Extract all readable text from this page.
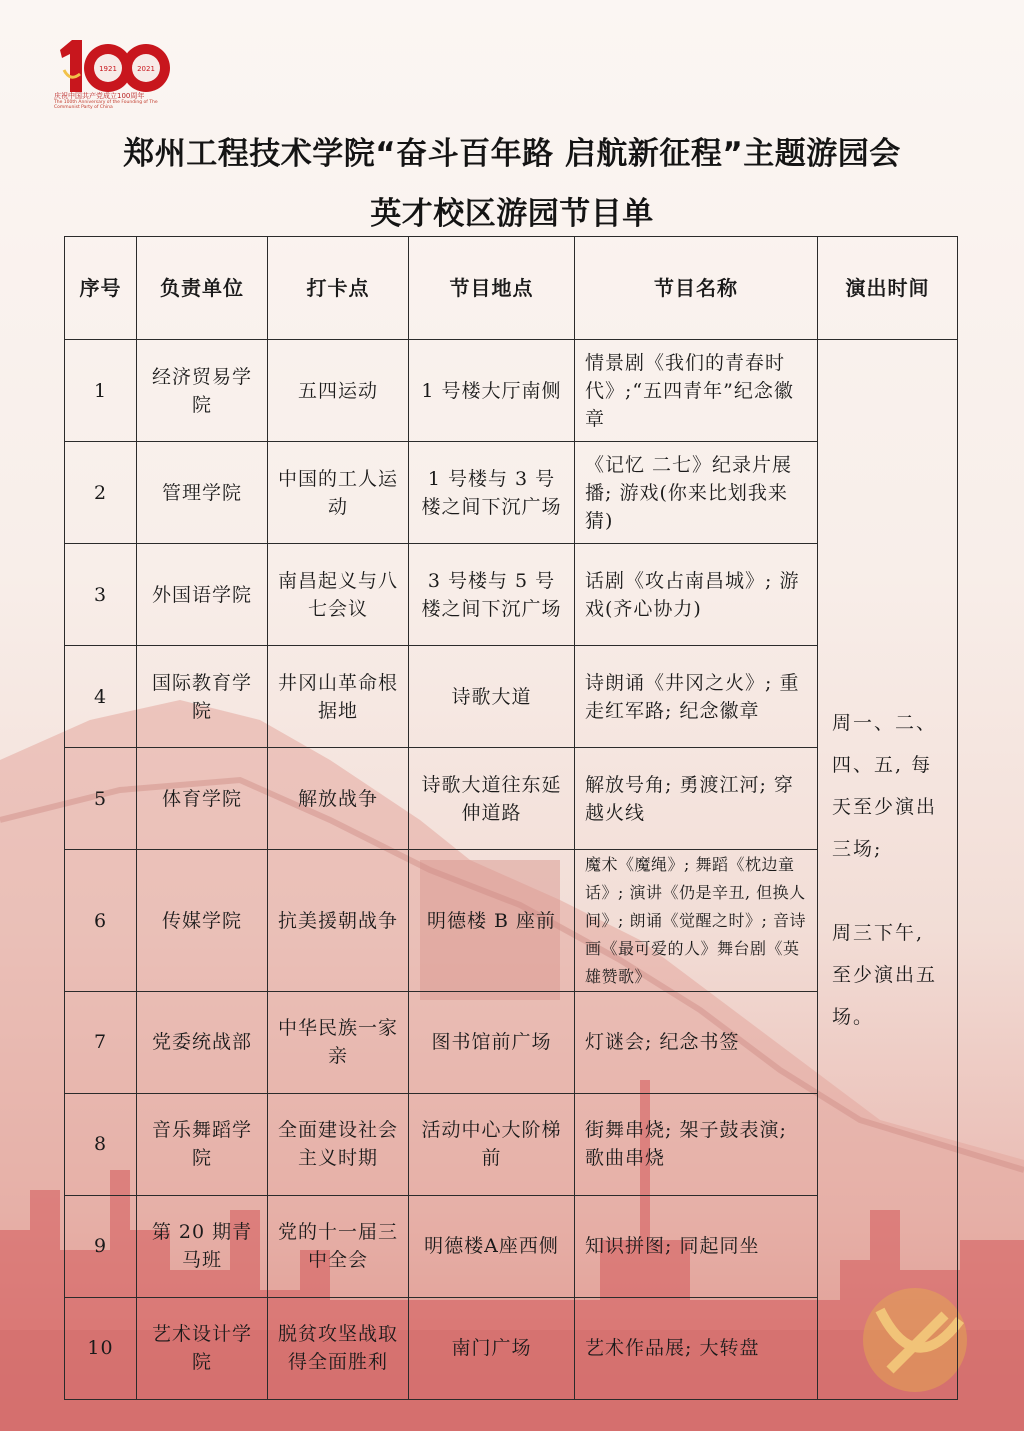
1921	2021
庆祝中国共产党成立100周年
The 100th Anniversary of the Founding of The Communist Party of China
郑州工程技术学院“奋斗百年路 启航新征程”主题游园会
英才校区游园节目单
序号	负责单位	打卡点	节目地点	节目名称	演出时间
1	经济贸易学院	五四运动	1 号楼大厅南侧	情景剧《我们的青春时代》;“五四青年”纪念徽章	周一、二、四、五, 每天至少演出三场;
周三下午, 至少演出五场。

2	管理学院	中国的工人运动	1 号楼与 3 号楼之间下沉广场	《记忆 二七》纪录片展播; 游戏(你来比划我来猜)	
3	外国语学院	南昌起义与八七会议	3 号楼与 5 号楼之间下沉广场	话剧《攻占南昌城》; 游戏(齐心协力)	
4	国际教育学院	井冈山革命根据地	诗歌大道	诗朗诵《井冈之火》; 重走红军路; 纪念徽章	
5	体育学院	解放战争	诗歌大道往东延伸道路	解放号角; 勇渡江河; 穿越火线	
6	传媒学院	抗美援朝战争	明德楼 B 座前	魔术《魔绳》; 舞蹈《枕边童话》; 演讲《仍是辛丑, 但换人间》; 朗诵《觉醒之时》; 音诗画《最可爱的人》舞台剧《英雄赞歌》	
7	党委统战部	中华民族一家亲	图书馆前广场	灯谜会; 纪念书签	
8	音乐舞蹈学院	全面建设社会主义时期	活动中心大阶梯前	街舞串烧; 架子鼓表演; 歌曲串烧	
9	第 20 期青马班	党的十一届三中全会	明德楼A座西侧	知识拼图; 同起同坐	
10	艺术设计学院	脱贫攻坚战取得全面胜利	南门广场	艺术作品展; 大转盘	
